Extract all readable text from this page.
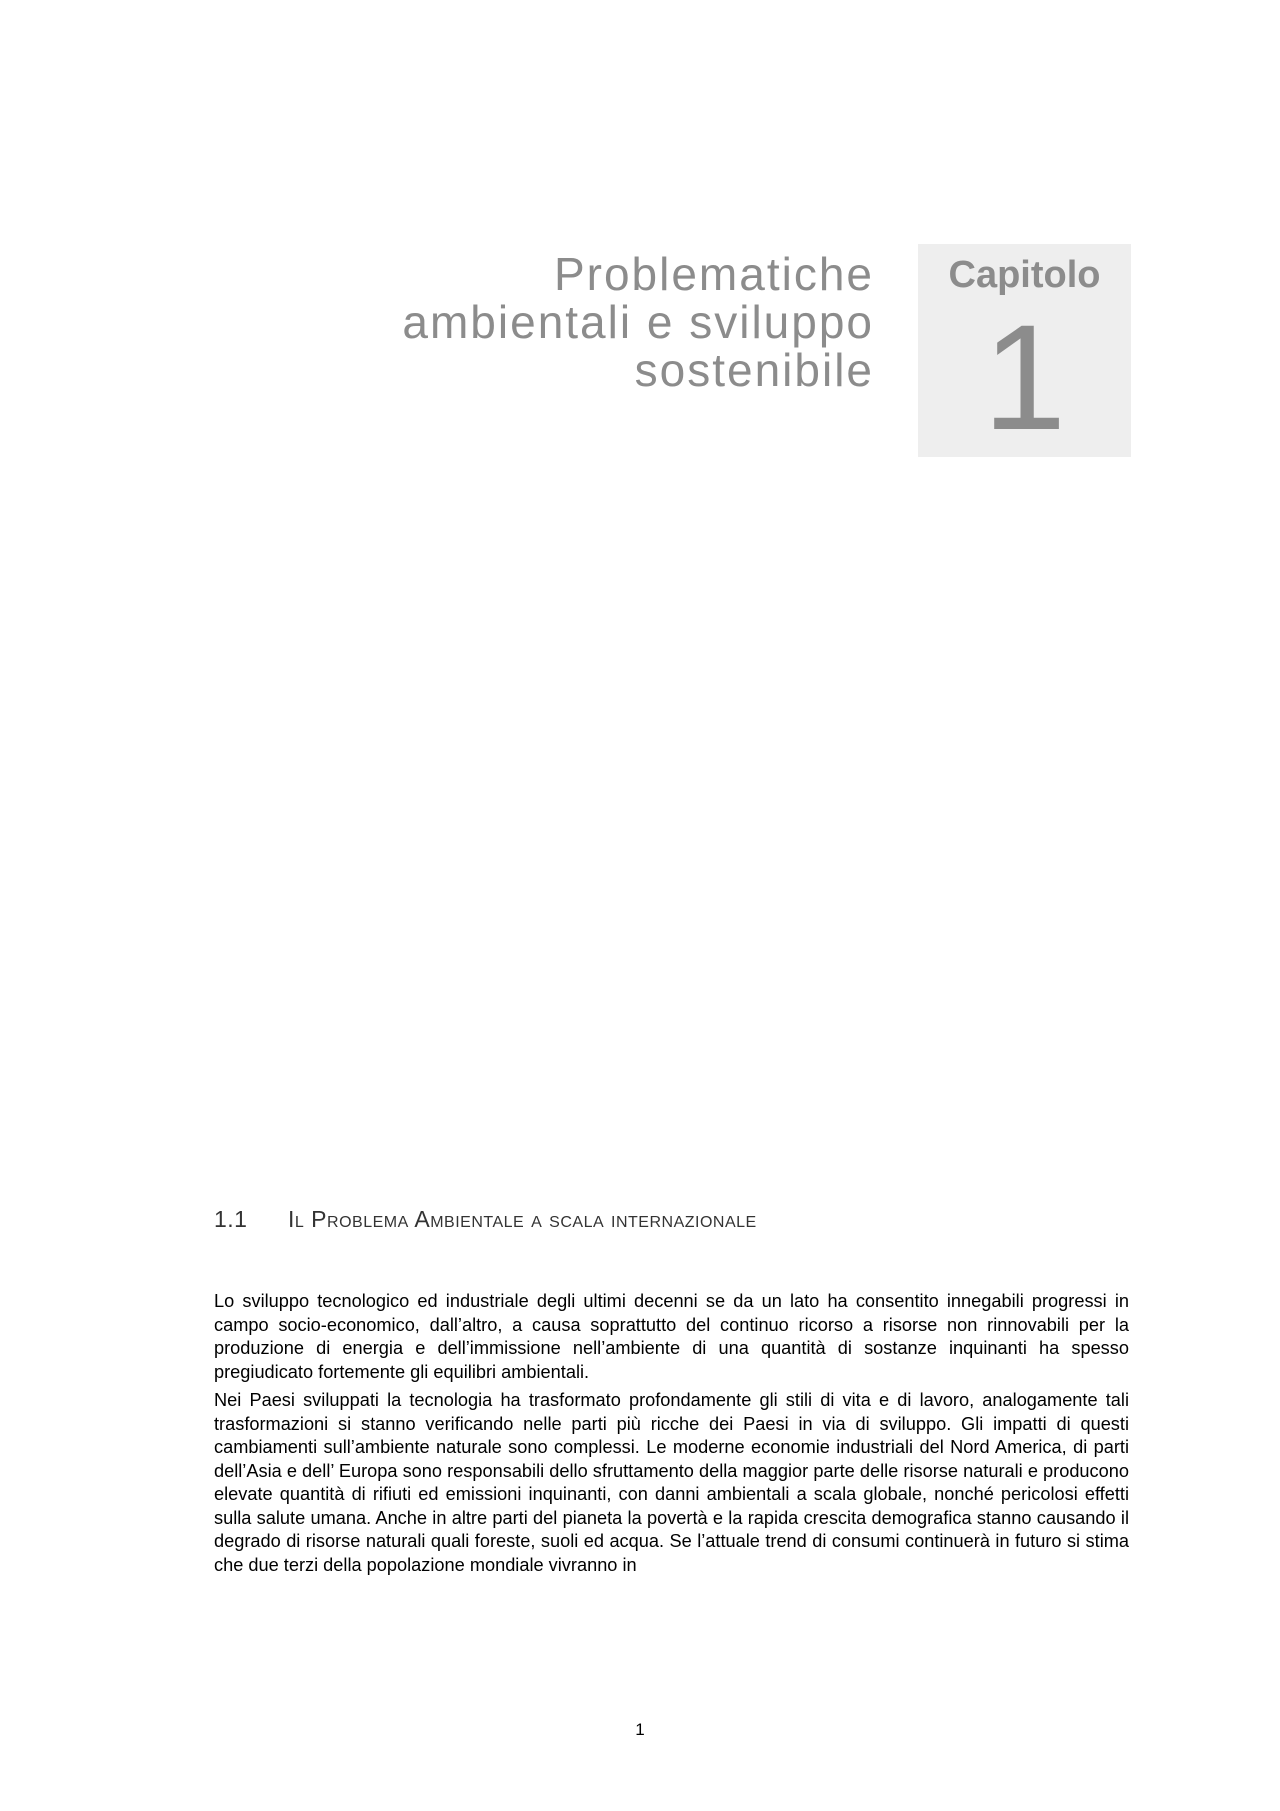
Problematiche
ambientali e sviluppo
sostenibile
Capitolo
1
1.1 Il Problema Ambientale a scala internazionale

Lo sviluppo tecnologico ed industriale degli ultimi decenni se da un lato ha consentito innegabili progressi in campo socio-economico, dall’altro, a causa soprattutto del continuo ricorso a risorse non rinnovabili per la produzione di energia e dell’immissione nell’ambiente di una quantità di sostanze inquinanti ha spesso pregiudicato fortemente gli equilibri ambientali.

Nei Paesi sviluppati la tecnologia ha trasformato profondamente gli stili di vita e di lavoro, analogamente tali trasformazioni si stanno verificando nelle parti più ricche dei Paesi in via di sviluppo. Gli impatti di questi cambiamenti sull’ambiente naturale sono complessi. Le moderne economie industriali del Nord America, di parti dell’Asia e dell’ Europa sono responsabili dello sfruttamento della maggior parte delle risorse naturali e producono elevate quantità di rifiuti ed emissioni inquinanti, con danni ambientali a scala globale, nonché pericolosi effetti sulla salute umana. Anche in altre parti del pianeta la povertà e la rapida crescita demografica stanno causando il degrado di risorse naturali quali foreste, suoli ed acqua. Se l’attuale trend di consumi continuerà in futuro si stima che due terzi della popolazione mondiale vivranno in

1
